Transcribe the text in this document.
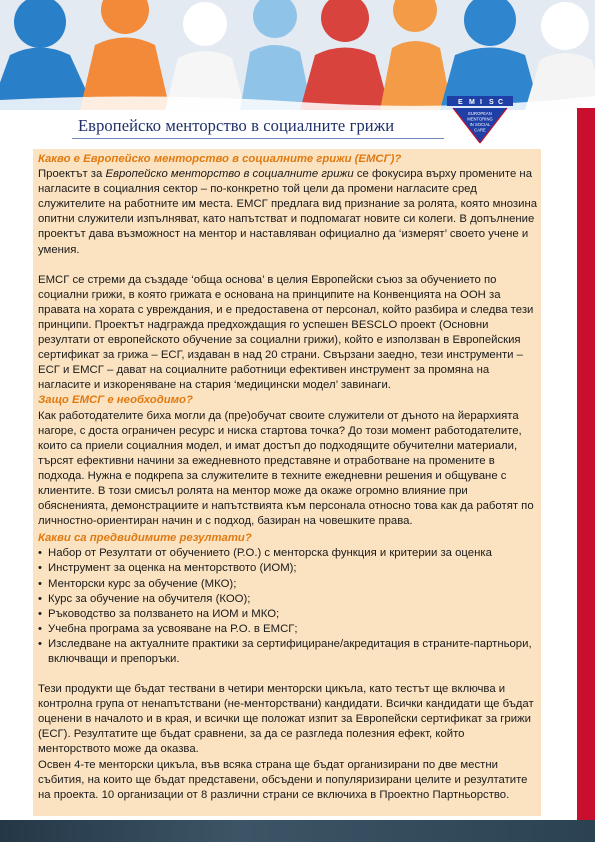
Европейско менторство в социалните грижи
E M I S C
EUROPEAN
MENTORING
IN SOCIAL
CARE

Какво е Европейско менторство в социалните грижи (ЕМСГ)?

Проектът за Европейско менторство в социалните грижи се фокусира върху промените на нагласите в социалния сектор – по-конкретно той цели да промени нагласите сред служителите на работните им места. ЕМСГ предлага вид признание за ролята, която мнозина опитни служители изпълняват, като напътстват и подпомагат новите си колеги. В допълнение проектът дава възможност на ментор и наставляван официално да ‘измерят’ своето учене и умения.

ЕМСГ се стреми да създаде ‘обща основа’ в целия Европейски съюз за обучението по социални грижи, в която грижата е основана на принципите на Конвенцията на ООН за правата на хората с увреждания, и е предоставена от персонал, който разбира и следва тези принципи. Проектът надгражда предхождащия го успешен BESCLO проект (Основни резултати от европейското обучение за социални грижи), който е използван в Европейския сертификат за грижа – ЕСГ, издаван в над 20 страни. Свързани заедно, тези инструменти – ЕСГ и ЕМСГ – дават на социалните работници ефективен инструмент за промяна на нагласите и изкореняване на стария ‘медицински модел’ завинаги.

Защо ЕМСГ е необходимо?

Как работодателите биха могли да (пре)обучат своите служители от дъното на йерархията нагоре, с доста ограничен ресурс и ниска стартова точка? До този момент работодателите, които са приели социалния модел, и имат достъп до подходящите обучителни материали, търсят ефективни начини за ежедневното представяне и отработване на промените в подхода. Нужна е подкрепа за служителите в техните ежедневни решения и общуване с клиентите. В този смисъл ролята на ментор може да окаже огромно влияние при обясненията, демонстрациите и напътствията към персонала относно това как да работят по личностно-ориентиран начин и с подход, базиран на човешките права.

Какви са предвидимите резултати?

• Набор от Резултати от обучението (Р.О.) с менторска функция и критерии за оценка
• Инструмент за оценка на менторството (ИОМ);
• Менторски курс за обучение (МКО);
• Курс за обучение на обучителя (КОО);
• Ръководство за ползването на ИОМ и МКО;
• Учебна програма за усвояване на Р.О. в ЕМСГ;
• Изследване на актуалните практики за сертифициране/акредитация в страните-партньори, включващи и препоръки.

Тези продукти ще бъдат тествани в четири менторски цикъла, като тестът ще включва и контролна група от ненапътствани (не-менторствани) кандидати. Всички кандидати ще бъдат оценени в началото и в края, и всички ще положат изпит за Европейски сертификат за грижи (ЕСГ). Резултатите ще бъдат сравнени, за да се разгледа полезния ефект, който менторството може да оказва.

Освен 4-те менторски цикъла, във всяка страна ще бъдат организирани по две местни събития, на които ще бъдат представени, обсъдени и популяризирани целите и резултатите на проекта. 10 организации от 8 различни страни се включиха в Проектно Партньорство.
